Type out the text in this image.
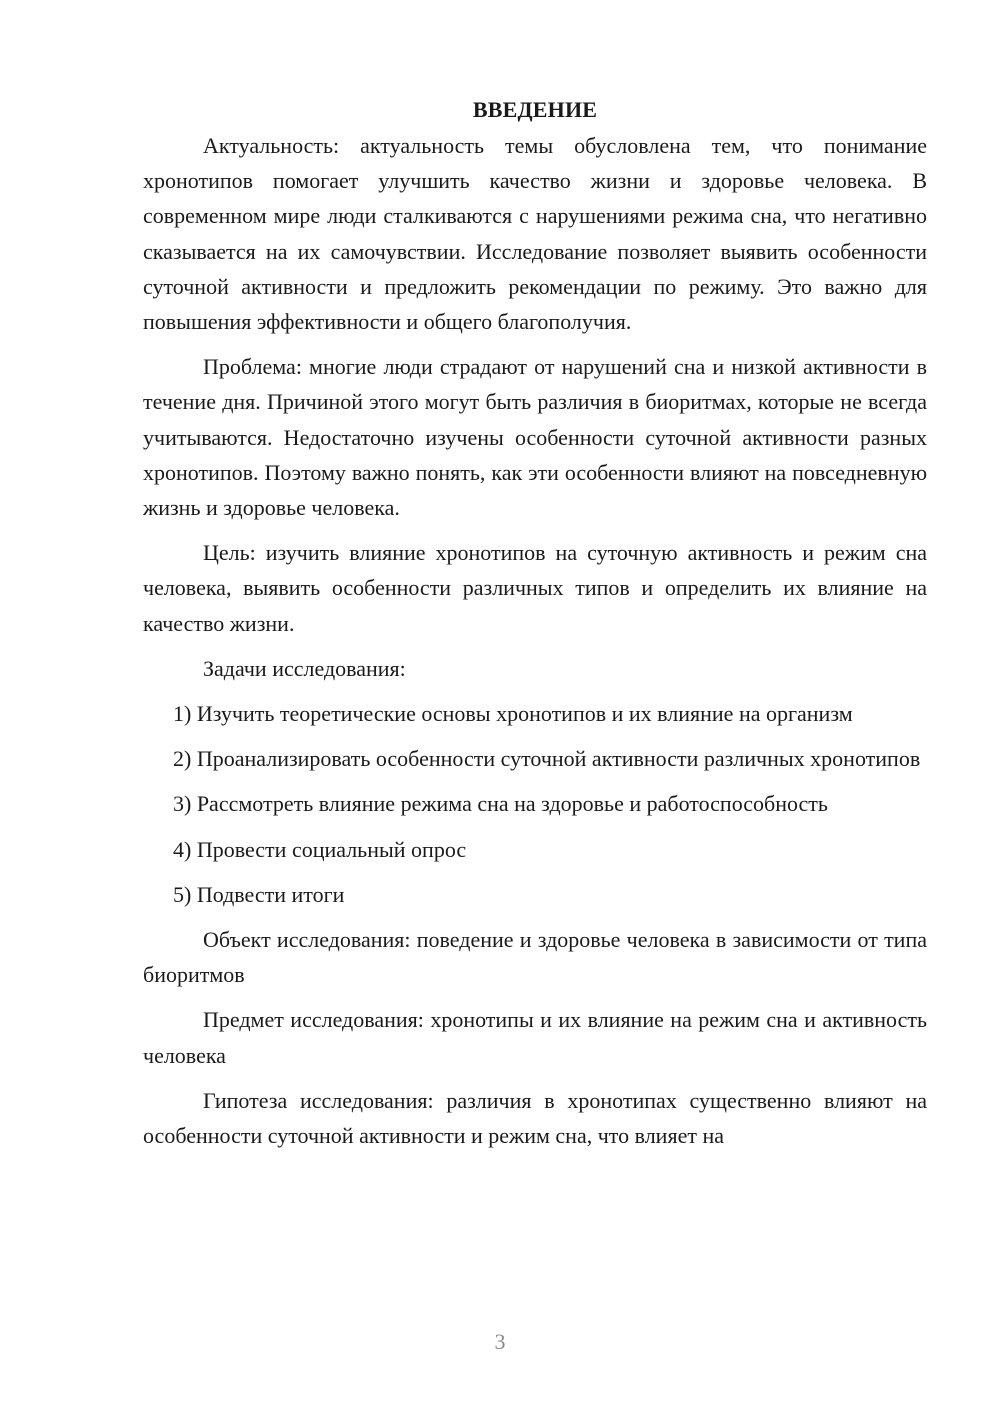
ВВЕДЕНИЕ

Актуальность: актуальность темы обусловлена тем, что понимание хронотипов помогает улучшить качество жизни и здоровье человека. В современном мире люди сталкиваются с нарушениями режима сна, что негативно сказывается на их самочувствии. Исследование позволяет выявить особенности суточной активности и предложить рекомендации по режиму. Это важно для повышения эффективности и общего благополучия.

Проблема: многие люди страдают от нарушений сна и низкой активности в течение дня. Причиной этого могут быть различия в биоритмах, которые не всегда учитываются. Недостаточно изучены особенности суточной активности разных хронотипов. Поэтому важно понять, как эти особенности влияют на повседневную жизнь и здоровье человека.

Цель: изучить влияние хронотипов на суточную активность и режим сна человека, выявить особенности различных типов и определить их влияние на качество жизни.

Задачи исследования:

1) Изучить теоретические основы хронотипов и их влияние на организм

2) Проанализировать особенности суточной активности различных хронотипов

3) Рассмотреть влияние режима сна на здоровье и работоспособность

4) Провести социальный опрос

5) Подвести итоги

Объект исследования: поведение и здоровье человека в зависимости от типа биоритмов

Предмет исследования: хронотипы и их влияние на режим сна и активность человека

Гипотеза исследования: различия в хронотипах существенно влияют на особенности суточной активности и режим сна, что влияет на

3
